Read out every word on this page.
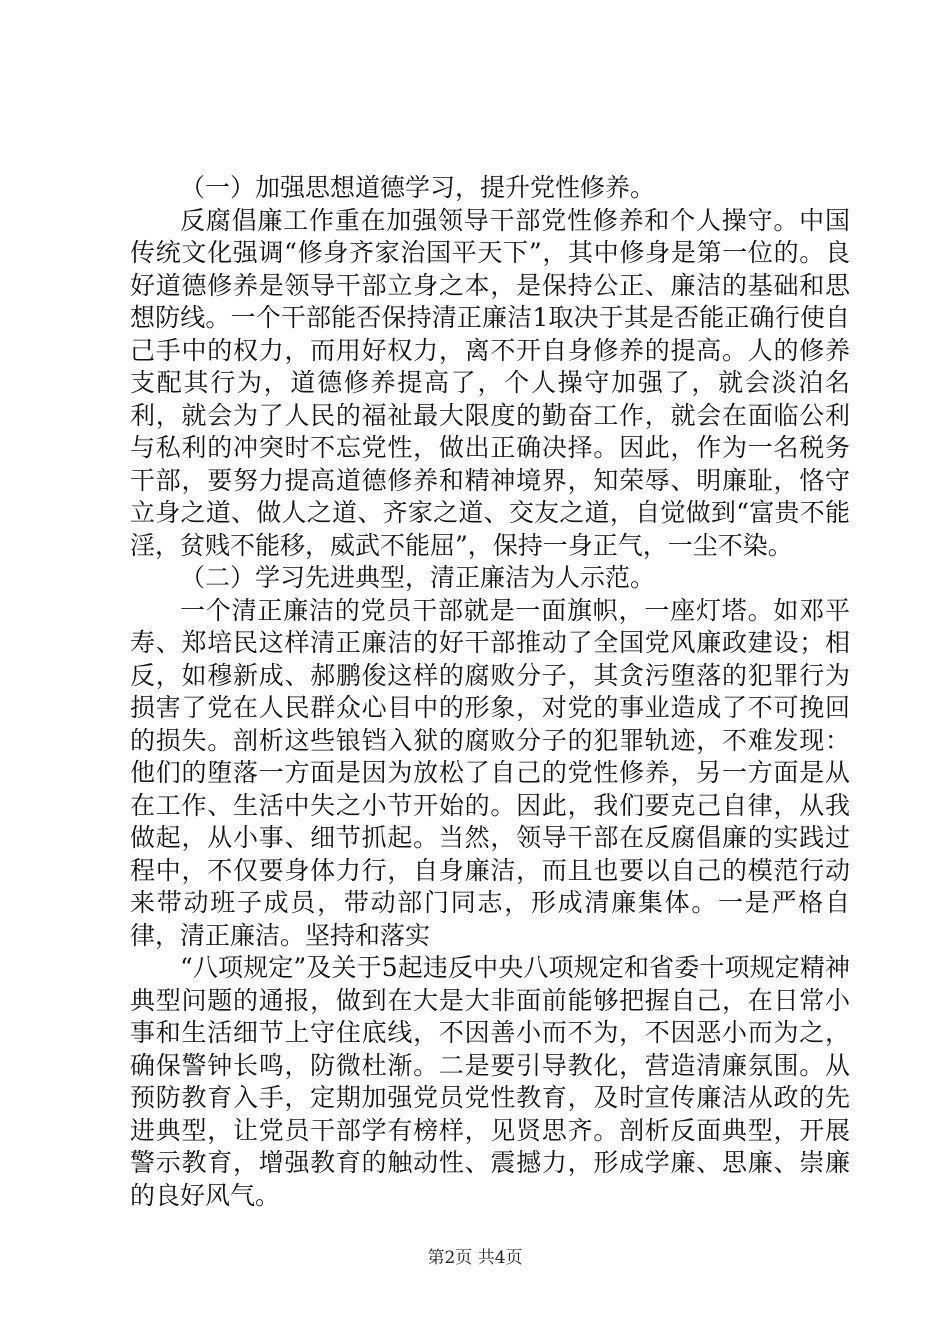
（一）加强思想道德学习，提升党性修养。

反腐倡廉工作重在加强领导干部党性修养和个人操守。中国传统文化强调“修身齐家治国平天下”，其中修身是第一位的。良好道德修养是领导干部立身之本，是保持公正、廉洁的基础和思想防线。一个干部能否保持清正廉洁1取决于其是否能正确行使自己手中的权力，而用好权力，离不开自身修养的提高。人的修养支配其行为，道德修养提高了，个人操守加强了，就会淡泊名利，就会为了人民的福祉最大限度的勤奋工作，就会在面临公利与私利的冲突时不忘党性，做出正确决择。因此，作为一名税务干部，要努力提高道德修养和精神境界，知荣辱、明廉耻，恪守立身之道、做人之道、齐家之道、交友之道，自觉做到“富贵不能淫，贫贱不能移，威武不能屈”，保持一身正气，一尘不染。

（二）学习先进典型，清正廉洁为人示范。

一个清正廉洁的党员干部就是一面旗帜，一座灯塔。如邓平寿、郑培民这样清正廉洁的好干部推动了全国党风廉政建设；相反，如穆新成、郝鹏俊这样的腐败分子，其贪污堕落的犯罪行为损害了党在人民群众心目中的形象，对党的事业造成了不可挽回的损失。剖析这些锒铛入狱的腐败分子的犯罪轨迹，不难发现：他们的堕落一方面是因为放松了自己的党性修养，另一方面是从在工作、生活中失之小节开始的。因此，我们要克己自律，从我做起，从小事、细节抓起。当然，领导干部在反腐倡廉的实践过程中，不仅要身体力行，自身廉洁，而且也要以自己的模范行动来带动班子成员，带动部门同志，形成清廉集体。一是严格自律，清正廉洁。坚持和落实

“八项规定”及关于5起违反中央八项规定和省委十项规定精神典型问题的通报，做到在大是大非面前能够把握自己，在日常小事和生活细节上守住底线，不因善小而不为，不因恶小而为之，确保警钟长鸣，防微杜渐。二是要引导教化，营造清廉氛围。从预防教育入手，定期加强党员党性教育，及时宣传廉洁从政的先进典型，让党员干部学有榜样，见贤思齐。剖析反面典型，开展警示教育，增强教育的触动性、震撼力，形成学廉、思廉、崇廉的良好风气。

第2页 共4页
